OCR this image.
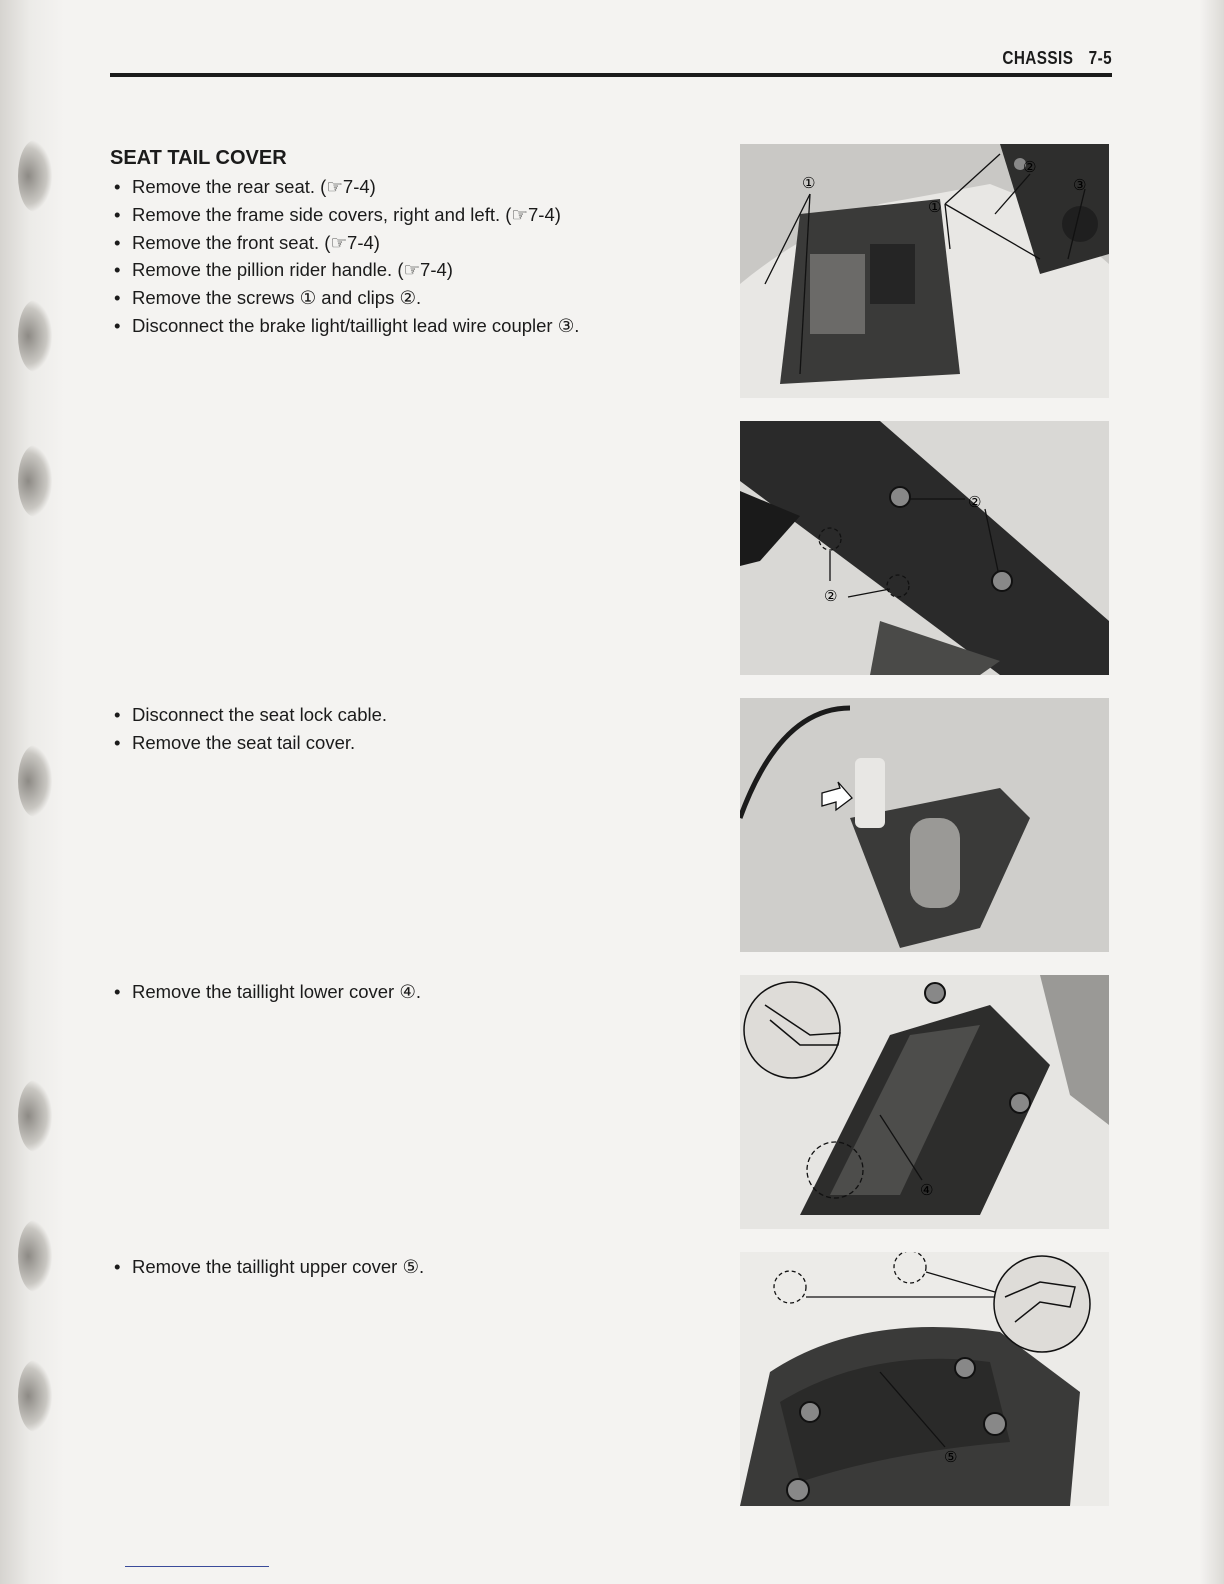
CHASSIS 7-5
SEAT TAIL COVER
• Remove the rear seat. (☞7-4)
• Remove the frame side covers, right and left. (☞7-4)
• Remove the front seat. (☞7-4)
• Remove the pillion rider handle. (☞7-4)
• Remove the screws ① and clips ②.
• Disconnect the brake light/taillight lead wire coupler ③.
• Disconnect the seat lock cable.
• Remove the seat tail cover.
• Remove the taillight lower cover ④.
• Remove the taillight upper cover ⑤.
①
①
②
③
②
②
④
⑤
